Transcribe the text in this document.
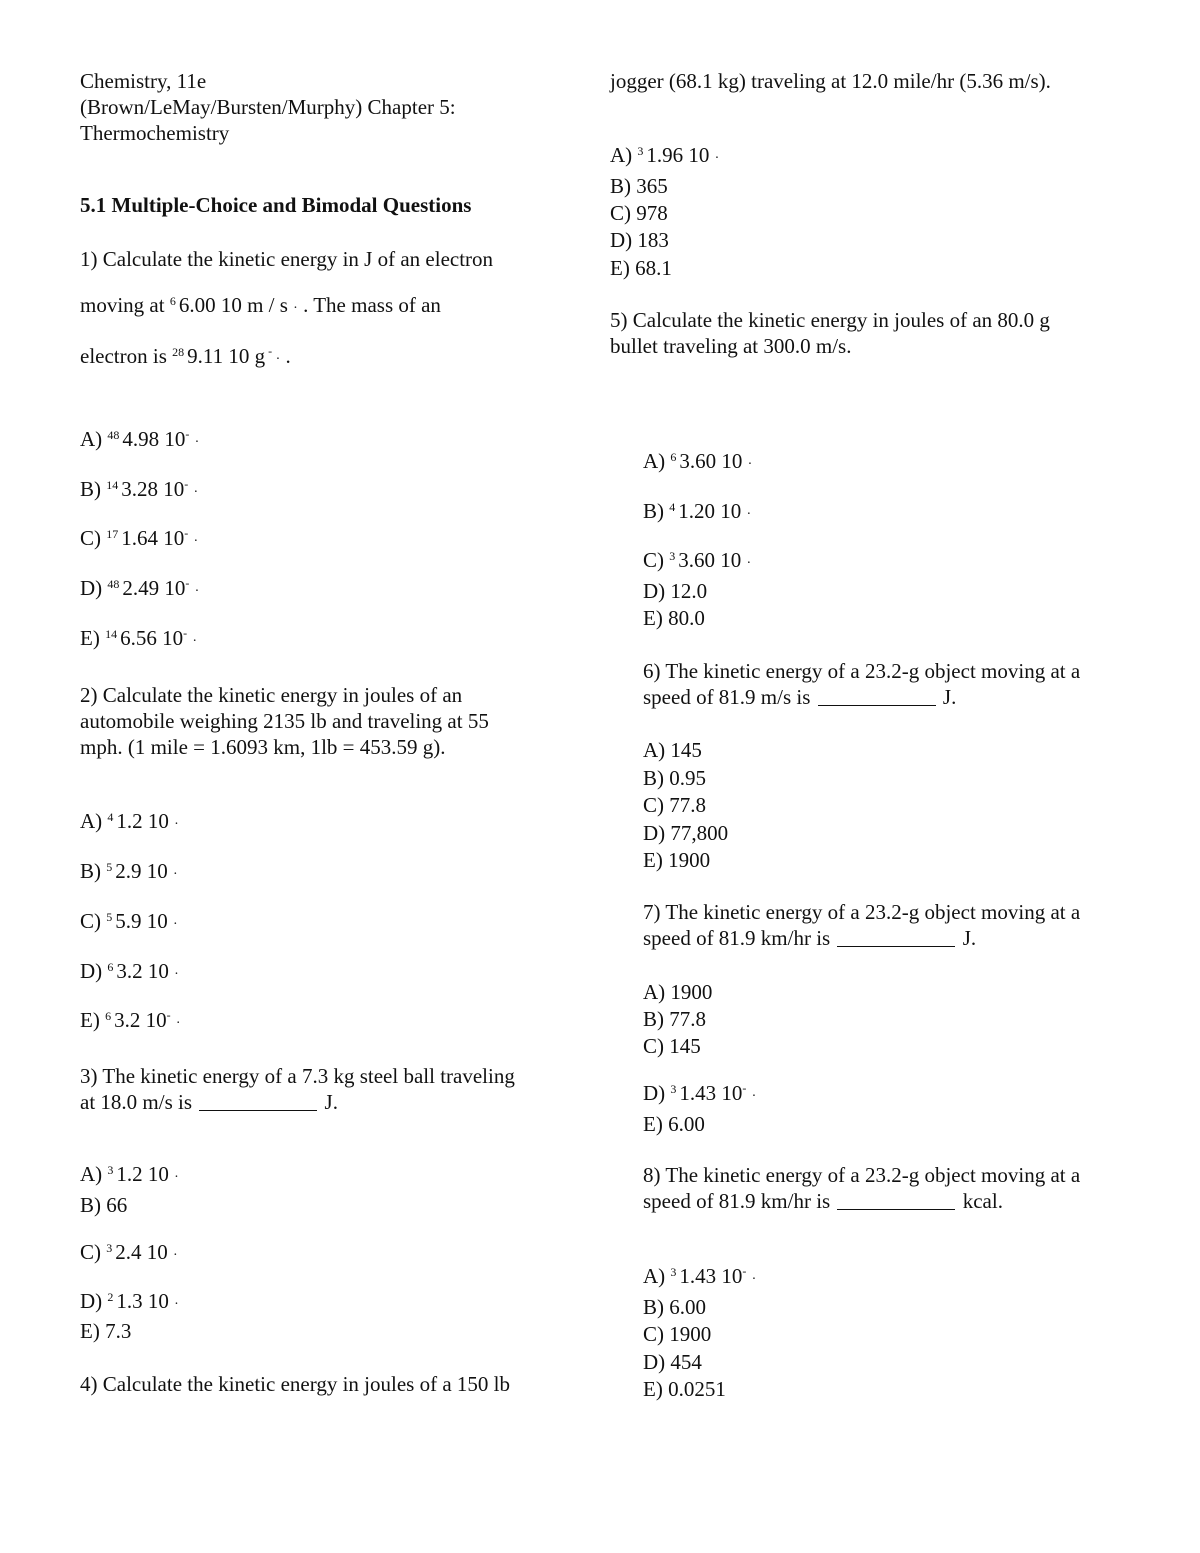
Chemistry, 11e
(Brown/LeMay/Bursten/Murphy) Chapter 5:
Thermochemistry
5.1 Multiple-Choice and Bimodal Questions
1) Calculate the kinetic energy in J of an electron
moving at $^6$ 6.00 10 m / s · . The mass of an
electron is $^{28}$ 9.11 10 g - · .
A) $^{48}$ 4.98 10- ·
B) $^{14}$ 3.28 10- ·
C) $^{17}$ 1.64 10- ·
D) $^{48}$ 2.49 10- ·
E) $^{14}$ 6.56 10- ·
2) Calculate the kinetic energy in joules of an
automobile weighing 2135 lb and traveling at 55
mph. (1 mile = 1.6093 km, 1lb = 453.59 g).
A) $^4$ 1.2 10 ·
B) $^5$ 2.9 10 ·
C) $^5$ 5.9 10 ·
D) $^6$ 3.2 10 ·
E) $^6$ 3.2 10- ·
3) The kinetic energy of a 7.3 kg steel ball traveling
at 18.0 m/s is	J.
A) $^3$ 1.2 10 ·
B) 66
C) $^3$ 2.4 10 ·
D) $^2$ 1.3 10 ·
E) 7.3
4) Calculate the kinetic energy in joules of a 150 lb
jogger (68.1 kg) traveling at 12.0 mile/hr (5.36 m/s).
A) $^3$ 1.96 10 ·
B) 365
C) 978
D) 183
E) 68.1
5) Calculate the kinetic energy in joules of an 80.0 g
bullet traveling at 300.0 m/s.
A) $^6$ 3.60 10 ·
B) $^4$ 1.20 10 ·
C) $^3$ 3.60 10 ·
D) 12.0
E) 80.0
6) The kinetic energy of a 23.2-g object moving at a
speed of 81.9 m/s is	J.
A) 145
B) 0.95
C) 77.8
D) 77,800
E) 1900
7) The kinetic energy of a 23.2-g object moving at a
speed of 81.9 km/hr is	J.
A) 1900
B) 77.8
C) 145
D) $^3$ 1.43 10- ·
E) 6.00
8) The kinetic energy of a 23.2-g object moving at a
speed of 81.9 km/hr is	kcal.
A) $^3$ 1.43 10- ·
B) 6.00
C) 1900
D) 454
E) 0.0251
